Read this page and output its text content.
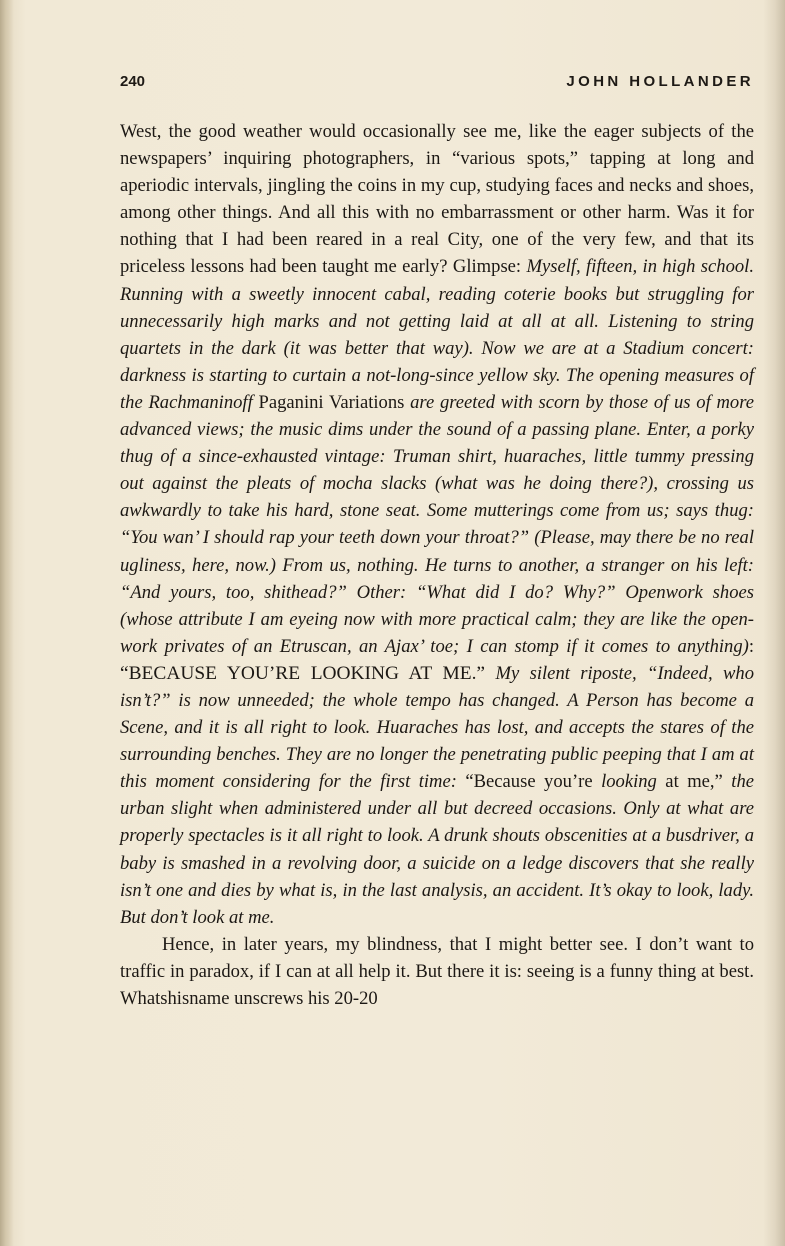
240	JOHN HOLLANDER

West, the good weather would occasionally see me, like the eager subjects of the newspapers’ inquiring photographers, in “various spots,” tapping at long and aperiodic intervals, jingling the coins in my cup, studying faces and necks and shoes, among other things. And all this with no embarrassment or other harm. Was it for nothing that I had been reared in a real City, one of the very few, and that its priceless lessons had been taught me early? Glimpse: Myself, fifteen, in high school. Running with a sweetly innocent cabal, reading coterie books but struggling for unnecessarily high marks and not getting laid at all at all. Listening to string quartets in the dark (it was better that way). Now we are at a Stadium concert: darkness is starting to curtain a not-long-since yellow sky. The opening measures of the Rachmaninoff Paganini Variations are greeted with scorn by those of us of more advanced views; the music dims under the sound of a passing plane. Enter, a porky thug of a since-exhausted vintage: Truman shirt, huaraches, little tummy pressing out against the pleats of mocha slacks (what was he doing there?), crossing us awkwardly to take his hard, stone seat. Some mutterings come from us; says thug: “You wan’ I should rap your teeth down your throat?” (Please, may there be no real ugliness, here, now.) From us, nothing. He turns to another, a stranger on his left: “And yours, too, shithead?” Other: “What did I do? Why?” Openwork shoes (whose attribute I am eyeing now with more practical calm; they are like the openwork privates of an Etruscan, an Ajax’ toe; I can stomp if it comes to anything): “BECAUSE YOU’RE LOOKING AT ME.” My silent riposte, “Indeed, who isn’t?” is now unneeded; the whole tempo has changed. A Person has become a Scene, and it is all right to look. Huaraches has lost, and accepts the stares of the surrounding benches. They are no longer the penetrating public peeping that I am at this moment considering for the first time: “Because you’re looking at me,” the urban slight when administered under all but decreed occasions. Only at what are properly spectacles is it all right to look. A drunk shouts obscenities at a busdriver, a baby is smashed in a revolving door, a suicide on a ledge discovers that she really isn’t one and dies by what is, in the last analysis, an accident. It’s okay to look, lady. But don’t look at me.

Hence, in later years, my blindness, that I might better see. I don’t want to traffic in paradox, if I can at all help it. But there it is: seeing is a funny thing at best. Whatshisname unscrews his 20-20
